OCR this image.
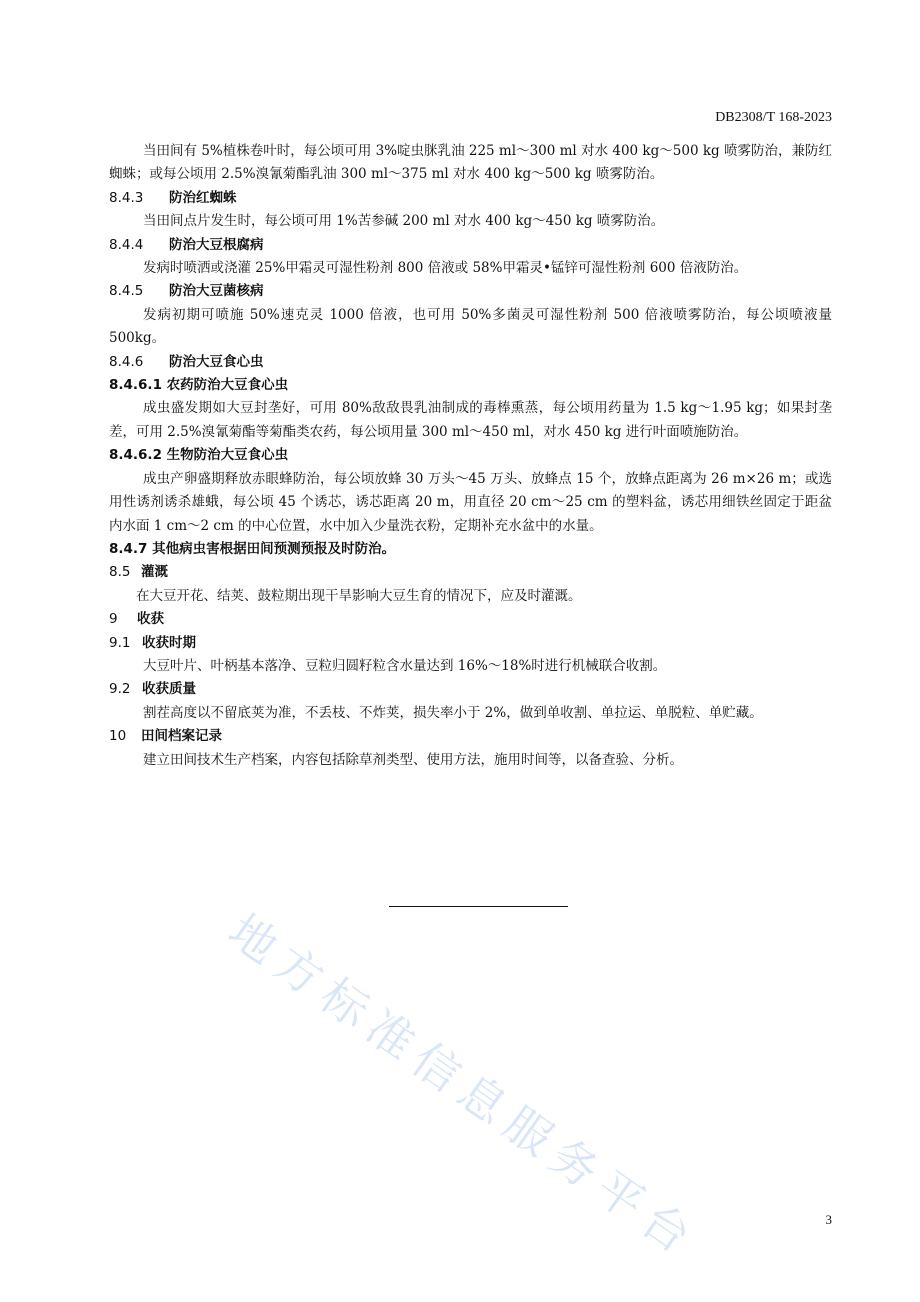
DB2308/T 168-2023

当田间有 5%植株卷叶时，每公顷可用 3%啶虫脒乳油 225 ml～300 ml 对水 400 kg～500 kg 喷雾防治，兼防红蜘蛛；或每公顷用 2.5%溴氰菊酯乳油 300 ml～375 ml 对水 400 kg～500 kg 喷雾防治。

8.4.3 防治红蜘蛛

当田间点片发生时，每公顷可用 1%苦参碱 200 ml 对水 400 kg～450 kg 喷雾防治。

8.4.4 防治大豆根腐病

发病时喷洒或浇灌 25%甲霜灵可湿性粉剂 800 倍液或 58%甲霜灵•锰锌可湿性粉剂 600 倍液防治。

8.4.5 防治大豆菌核病

发病初期可喷施 50%速克灵 1000 倍液，也可用 50%多菌灵可湿性粉剂 500 倍液喷雾防治，每公顷喷液量 500kg。

8.4.6 防治大豆食心虫

8.4.6.1 农药防治大豆食心虫

成虫盛发期如大豆封垄好，可用 80%敌敌畏乳油制成的毒棒熏蒸，每公顷用药量为 1.5 kg～1.95 kg；如果封垄差，可用 2.5%溴氰菊酯等菊酯类农药，每公顷用量 300 ml～450 ml，对水 450 kg 进行叶面喷施防治。

8.4.6.2 生物防治大豆食心虫

成虫产卵盛期释放赤眼蜂防治，每公顷放蜂 30 万头～45 万头、放蜂点 15 个，放蜂点距离为 26 m×26 m；或选用性诱剂诱杀雄蛾，每公顷 45 个诱芯，诱芯距离 20 m，用直径 20 cm～25 cm 的塑料盆，诱芯用细铁丝固定于距盆内水面 1 cm～2 cm 的中心位置，水中加入少量洗衣粉，定期补充水盆中的水量。

8.4.7 其他病虫害根据田间预测预报及时防治。

8.5 灌溉

在大豆开花、结荚、鼓粒期出现干旱影响大豆生育的情况下，应及时灌溉。

9 收获

9.1 收获时期

大豆叶片、叶柄基本落净、豆粒归圆籽粒含水量达到 16%～18%时进行机械联合收割。

9.2 收获质量

割茬高度以不留底荚为准，不丢枝、不炸荚，损失率小于 2%，做到单收割、单拉运、单脱粒、单贮藏。

10 田间档案记录

建立田间技术生产档案，内容包括除草剂类型、使用方法，施用时间等，以备查验、分析。

地方标准信息服务平台	3
